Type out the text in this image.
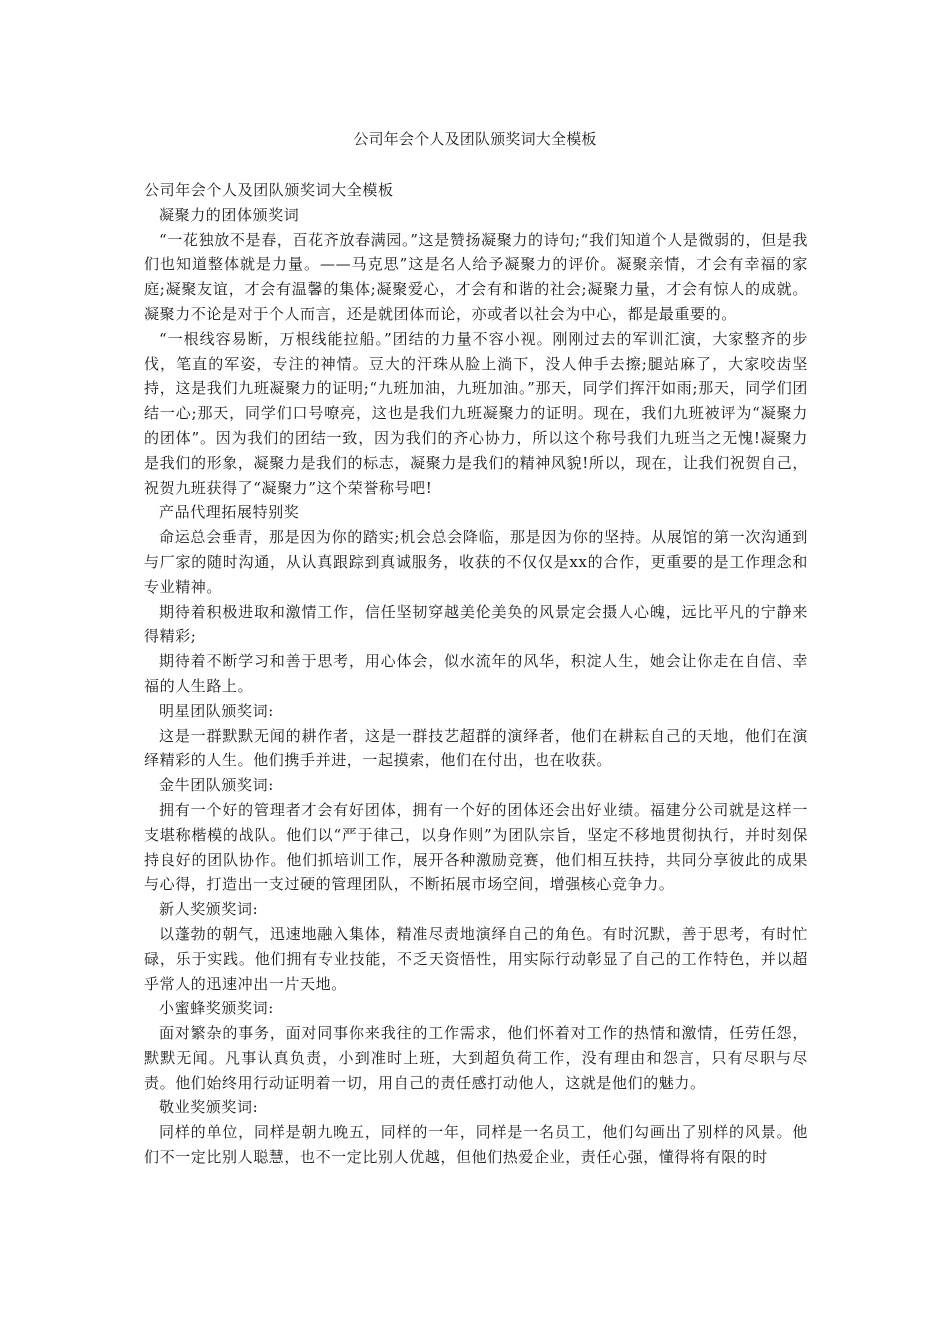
公司年会个人及团队颁奖词大全模板

公司年会个人及团队颁奖词大全模板

凝聚力的团体颁奖词

“一花独放不是春，百花齐放春满园。”这是赞扬凝聚力的诗句;“我们知道个人是微弱的，但是我们也知道整体就是力量。——马克思”这是名人给予凝聚力的评价。凝聚亲情，才会有幸福的家庭;凝聚友谊，才会有温馨的集体;凝聚爱心，才会有和谐的社会;凝聚力量，才会有惊人的成就。凝聚力不论是对于个人而言，还是就团体而论，亦或者以社会为中心，都是最重要的。

“一根线容易断，万根线能拉船。”团结的力量不容小视。刚刚过去的军训汇演，大家整齐的步伐，笔直的军姿，专注的神情。豆大的汗珠从脸上淌下，没人伸手去擦;腿站麻了，大家咬齿坚持，这是我们九班凝聚力的证明;“九班加油，九班加油。”那天，同学们挥汗如雨;那天，同学们团结一心;那天，同学们口号嘹亮，这也是我们九班凝聚力的证明。现在，我们九班被评为“凝聚力的团体”。因为我们的团结一致，因为我们的齐心协力，所以这个称号我们九班当之无愧!凝聚力是我们的形象，凝聚力是我们的标志，凝聚力是我们的精神风貌!所以，现在，让我们祝贺自己，祝贺九班获得了“凝聚力”这个荣誉称号吧!

产品代理拓展特别奖

命运总会垂青，那是因为你的踏实;机会总会降临，那是因为你的坚持。从展馆的第一次沟通到与厂家的随时沟通，从认真跟踪到真诚服务，收获的不仅仅是xx的合作，更重要的是工作理念和专业精神。

期待着积极进取和激情工作，信任坚韧穿越美伦美奂的风景定会摄人心魄，远比平凡的宁静来得精彩;

期待着不断学习和善于思考，用心体会，似水流年的风华，积淀人生，她会让你走在自信、幸福的人生路上。

明星团队颁奖词:

这是一群默默无闻的耕作者，这是一群技艺超群的演绎者，他们在耕耘自己的天地，他们在演绎精彩的人生。他们携手并进，一起摸索，他们在付出，也在收获。

金牛团队颁奖词:

拥有一个好的管理者才会有好团体，拥有一个好的团体还会出好业绩。福建分公司就是这样一支堪称楷模的战队。他们以“严于律己，以身作则”为团队宗旨，坚定不移地贯彻执行，并时刻保持良好的团队协作。他们抓培训工作，展开各种激励竞赛，他们相互扶持，共同分享彼此的成果与心得，打造出一支过硬的管理团队，不断拓展市场空间，增强核心竞争力。

新人奖颁奖词:

以蓬勃的朝气，迅速地融入集体，精准尽责地演绎自己的角色。有时沉默，善于思考，有时忙碌，乐于实践。他们拥有专业技能，不乏天资悟性，用实际行动彰显了自己的工作特色，并以超乎常人的迅速冲出一片天地。

小蜜蜂奖颁奖词:

面对繁杂的事务，面对同事你来我往的工作需求，他们怀着对工作的热情和激情，任劳任怨，默默无闻。凡事认真负责，小到准时上班，大到超负荷工作，没有理由和怨言，只有尽职与尽责。他们始终用行动证明着一切，用自己的责任感打动他人，这就是他们的魅力。

敬业奖颁奖词:

同样的单位，同样是朝九晚五，同样的一年，同样是一名员工，他们勾画出了别样的风景。他们不一定比别人聪慧，也不一定比别人优越，但他们热爱企业，责任心强，懂得将有限的时
